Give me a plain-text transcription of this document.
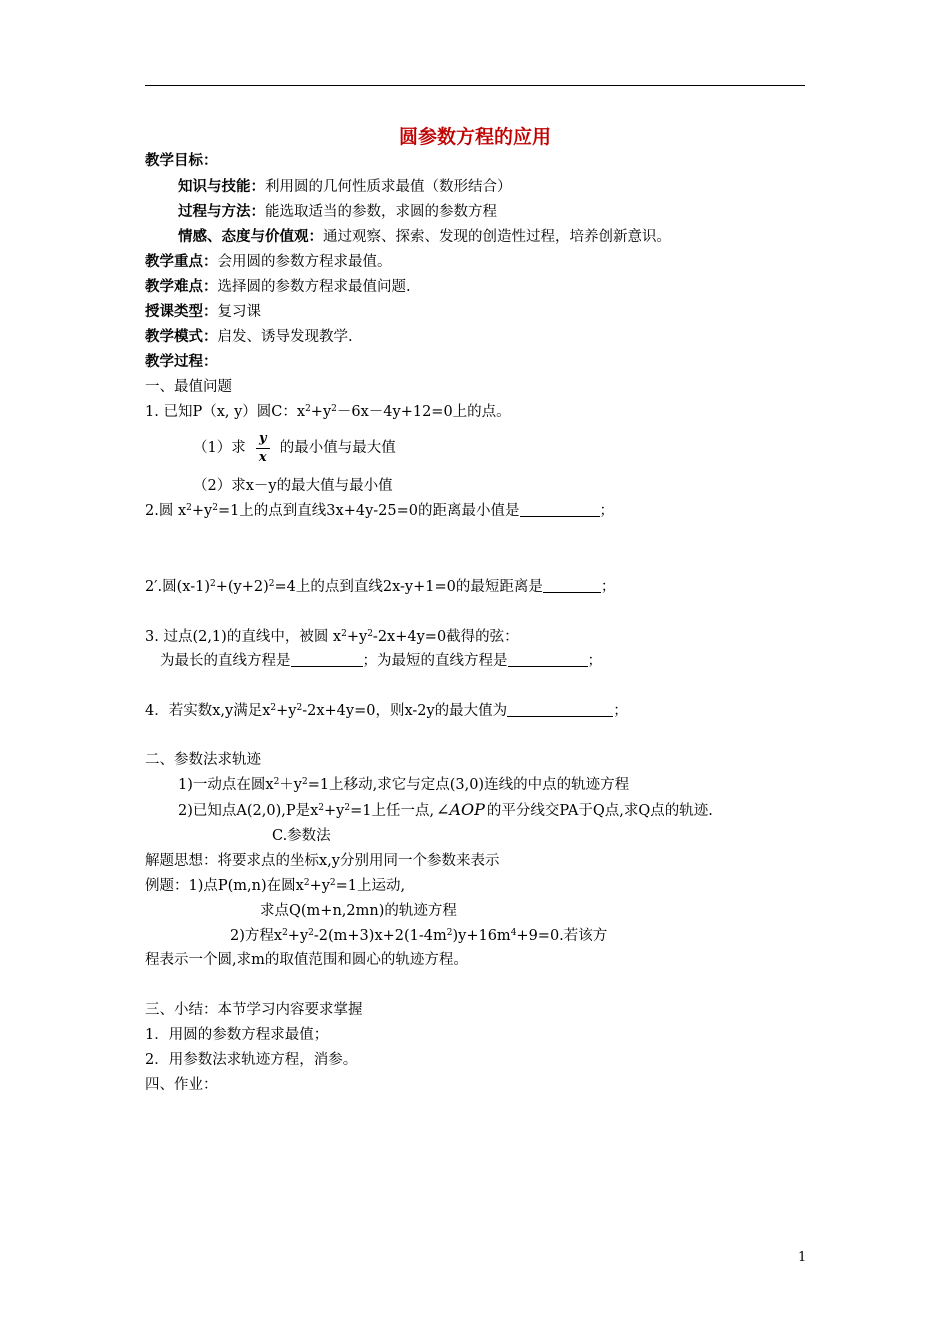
圆参数方程的应用
教学目标：
知识与技能：利用圆的几何性质求最值（数形结合）
过程与方法：能选取适当的参数，求圆的参数方程
情感、态度与价值观：通过观察、探索、发现的创造性过程，培养创新意识。
教学重点：会用圆的参数方程求最值。
教学难点：选择圆的参数方程求最值问题.
授课类型：复习课
教学模式：启发、诱导发现教学.
教学过程：
一、最值问题
1. 已知P（x, y）圆C：$x^2+y^2-6x-4y+12=0$上的点。
（1）求 $\frac{y}{x}$ 的最小值与最大值
（2）求x－y的最大值与最小值
2.圆 $x^2+y^2=1$上的点到直线3x+4y-25=0的距离最小值是	；
2′.圆$(x-1)^2+(y+2)^2=4$上的点到直线2x-y+1=0的最短距离是	；
3. 过点(2,1)的直线中，被圆 $x^2+y^2-2x+4y=0$截得的弦：
为最长的直线方程是	；为最短的直线方程是	；
4．若实数x,y满足$x^2+y^2-2x+4y=0$，则x-2y的最大值为	；
二、参数法求轨迹
1)一动点在圆$x^2+y^2=1$上移动,求它与定点(3,0)连线的中点的轨迹方程
2)已知点A(2,0),P是$x^2+y^2=1$上任一点, ∠AOP 的平分线交PA于Q点,求Q点的轨迹.
C.参数法
解题思想：将要求点的坐标x,y分别用同一个参数来表示
例题：1)点P(m,n)在圆$x^2+y^2=1$上运动,
求点Q(m+n,2mn)的轨迹方程
2)方程$x^2+y^2-2(m+3)x+2(1-4m^2)y+16m^4+9=0$.若该方
程表示一个圆,求m的取值范围和圆心的轨迹方程。
三、小结：本节学习内容要求掌握
1．用圆的参数方程求最值；
2．用参数法求轨迹方程，消参。
四、作业：
1
